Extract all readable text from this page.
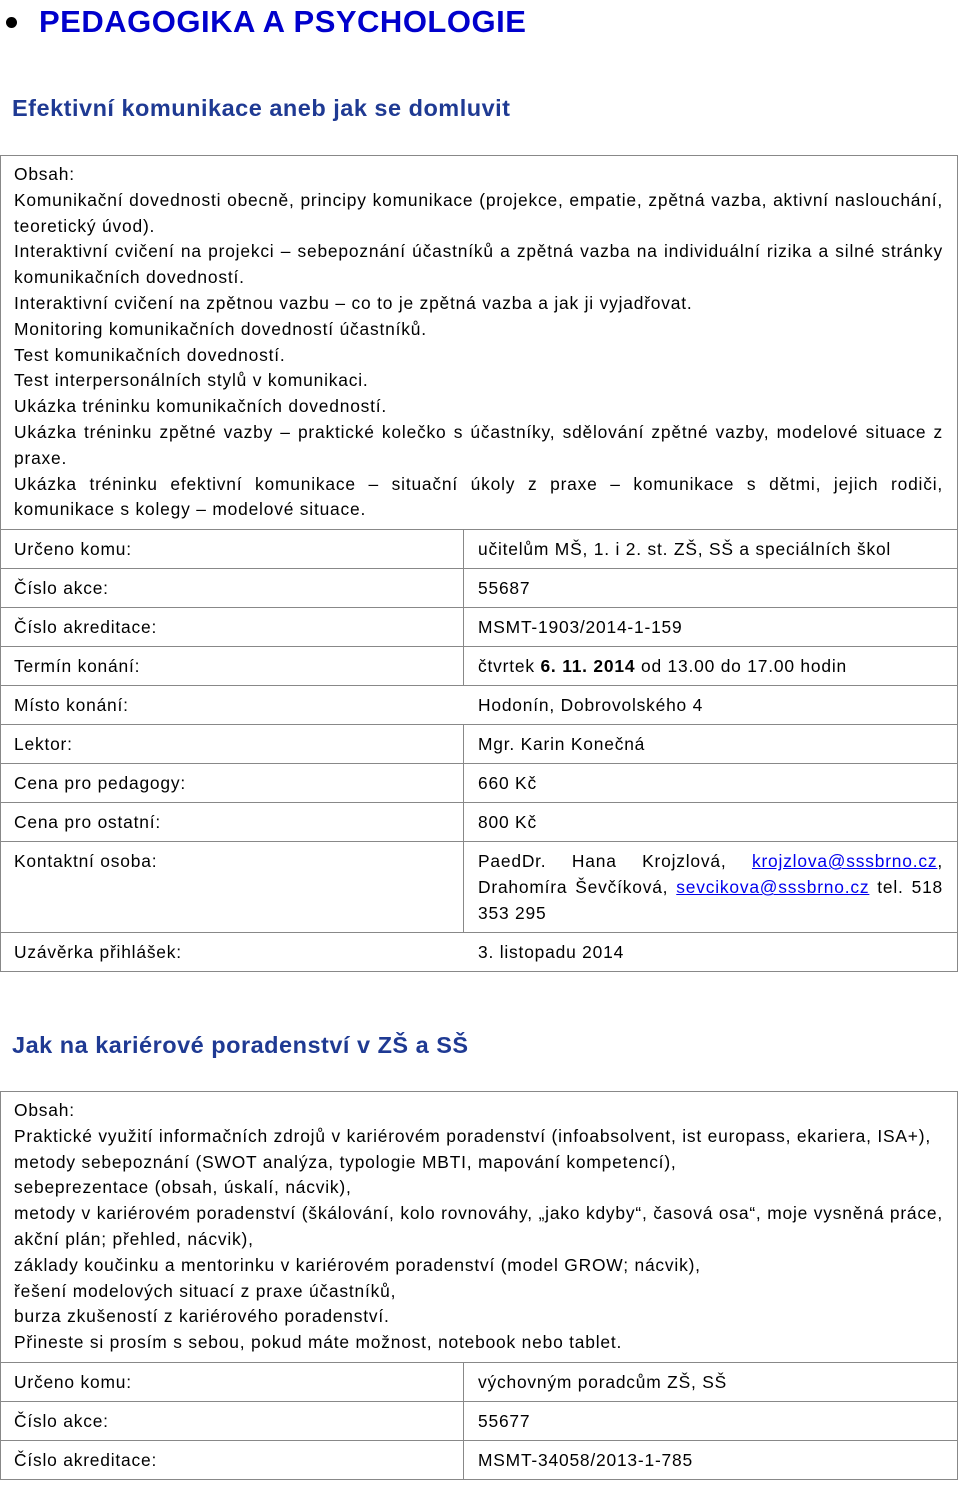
PEDAGOGIKA A PSYCHOLOGIE
Efektivní komunikace aneb jak se domluvit

Obsah:

Komunikační dovednosti obecně, principy komunikace (projekce, empatie, zpětná vazba, aktivní naslouchání, teoretický úvod).

Interaktivní cvičení na projekci – sebepoznání účastníků a zpětná vazba na individuální rizika a silné stránky komunikačních dovedností.

Interaktivní cvičení na zpětnou vazbu – co to je zpětná vazba a jak ji vyjadřovat.

Monitoring komunikačních dovedností účastníků.

Test komunikačních dovedností.

Test interpersonálních stylů v komunikaci.

Ukázka tréninku komunikačních dovedností.

Ukázka tréninku zpětné vazby – praktické kolečko s účastníky, sdělování zpětné vazby, modelové situace z praxe.

Ukázka tréninku efektivní komunikace – situační úkoly z praxe – komunikace s dětmi, jejich rodiči, komunikace s kolegy – modelové situace.

Určeno komu:	učitelům MŠ, 1. i 2. st. ZŠ, SŠ a speciálních škol
Číslo akce:	55687
Číslo akreditace:	MSMT-1903/2014-1-159
Termín konání:	čtvrtek 6. 11. 2014 od 13.00 do 17.00 hodin
Místo konání:	Hodonín, Dobrovolského 4
Lektor:	Mgr. Karin Konečná
Cena pro pedagogy:	660 Kč
Cena pro ostatní:	800 Kč
Kontaktní osoba:	PaedDr. Hana Krojzlová, krojzlova@sssbrno.cz, Drahomíra Ševčíková, sevcikova@sssbrno.cz tel. 518 353 295
Uzávěrka přihlášek:	3. listopadu 2014
Jak na kariérové poradenství v ZŠ a SŠ

Obsah:

Praktické využití informačních zdrojů v kariérovém poradenství (infoabsolvent, ist europass, ekariera, ISA+),

metody sebepoznání (SWOT analýza, typologie MBTI, mapování kompetencí),

sebeprezentace (obsah, úskalí, nácvik),

metody v kariérovém poradenství (škálování, kolo rovnováhy, „jako kdyby“, časová osa“, moje vysněná práce, akční plán; přehled, nácvik),

základy koučinku a mentorinku v kariérovém poradenství (model GROW; nácvik),

řešení modelových situací z praxe účastníků,

burza zkušeností z kariérového poradenství.

Přineste si prosím s sebou, pokud máte možnost, notebook nebo tablet.

Určeno komu:	výchovným poradcům ZŠ, SŠ
Číslo akce:	55677
Číslo akreditace:	MSMT-34058/2013-1-785
